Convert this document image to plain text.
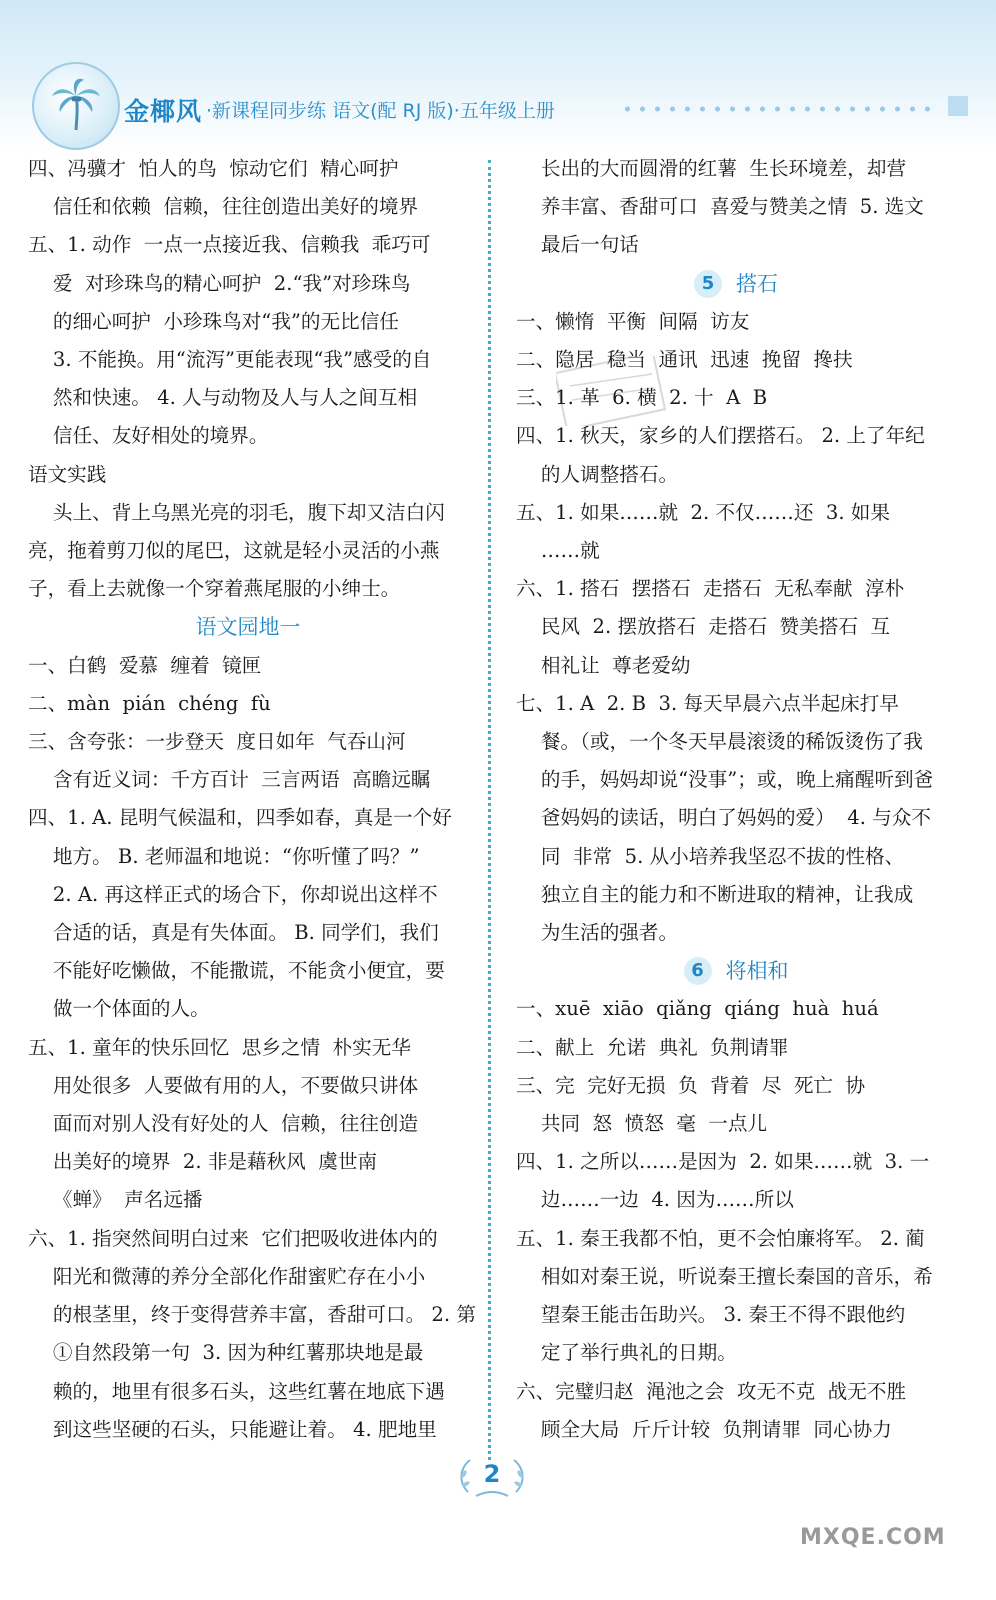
金椰风 ·新课程同步练 语文(配 RJ 版)·五年级上册
四、冯骥才  怕人的鸟  惊动它们  精心呵护
信任和依赖  信赖，往往创造出美好的境界
五、1. 动作  一点一点接近我、信赖我  乖巧可
爱  对珍珠鸟的精心呵护  2.“我”对珍珠鸟
的细心呵护  小珍珠鸟对“我”的无比信任
3. 不能换。用“流泻”更能表现“我”感受的自
然和快速。 4. 人与动物及人与人之间互相
信任、友好相处的境界。
语文实践
头上、背上乌黑光亮的羽毛，腹下却又洁白闪
亮，拖着剪刀似的尾巴，这就是轻小灵活的小燕
子，看上去就像一个穿着燕尾服的小绅士。
语文园地一
一、白鹤  爱慕  缠着  镜匣
二、màn  pián  chéng  fù
三、含夸张：一步登天  度日如年  气吞山河
含有近义词：千方百计  三言两语  高瞻远瞩
四、1. A. 昆明气候温和，四季如春，真是一个好
地方。 B. 老师温和地说：“你听懂了吗？”
2. A. 再这样正式的场合下，你却说出这样不
合适的话，真是有失体面。 B. 同学们，我们
不能好吃懒做，不能撒谎，不能贪小便宜，要
做一个体面的人。
五、1. 童年的快乐回忆  思乡之情  朴实无华
用处很多  人要做有用的人，不要做只讲体
面而对别人没有好处的人  信赖，往往创造
出美好的境界  2. 非是藉秋风  虞世南
《蝉》  声名远播
六、1. 指突然间明白过来  它们把吸收进体内的
阳光和微薄的养分全部化作甜蜜贮存在小小
的根茎里，终于变得营养丰富，香甜可口。 2. 第
①自然段第一句  3. 因为种红薯那块地是最
赖的，地里有很多石头，这些红薯在地底下遇
到这些坚硬的石头，只能避让着。 4. 肥地里
长出的大而圆滑的红薯  生长环境差，却营
养丰富、香甜可口  喜爱与赞美之情  5. 选文
最后一句话
5 搭石
一、懒惰  平衡  间隔  访友
二、隐居  稳当  通讯  迅速  挽留  搀扶
三、1. 革  6. 横  2. 十  A  B
四、1. 秋天，家乡的人们摆搭石。 2. 上了年纪
的人调整搭石。
五、1. 如果……就  2. 不仅……还  3. 如果
……就
六、1. 搭石  摆搭石  走搭石  无私奉献  淳朴
民风  2. 摆放搭石  走搭石  赞美搭石  互
相礼让  尊老爱幼
七、1. A  2. B  3. 每天早晨六点半起床打早
餐。（或，一个冬天早晨滚烫的稀饭烫伤了我
的手，妈妈却说“没事”；或，晚上痛醒听到爸
爸妈妈的读话，明白了妈妈的爱）  4. 与众不
同  非常  5. 从小培养我坚忍不拔的性格、
独立自主的能力和不断进取的精神，让我成
为生活的强者。
6 将相和
一、xuē  xiāo  qiǎng  qiáng  huà  huá
二、献上  允诺  典礼  负荆请罪
三、完  完好无损  负  背着  尽  死亡  协
共同  怒  愤怒  毫  一点儿
四、1. 之所以……是因为  2. 如果……就  3. 一
边……一边  4. 因为……所以
五、1. 秦王我都不怕，更不会怕廉将军。 2. 蔺
相如对秦王说，听说秦王擅长秦国的音乐，希
望秦王能击缶助兴。 3. 秦王不得不跟他约
定了举行典礼的日期。
六、完璧归赵  渑池之会  攻无不克  战无不胜
顾全大局  斤斤计较  负荆请罪  同心协力
2
MXQE.COM
